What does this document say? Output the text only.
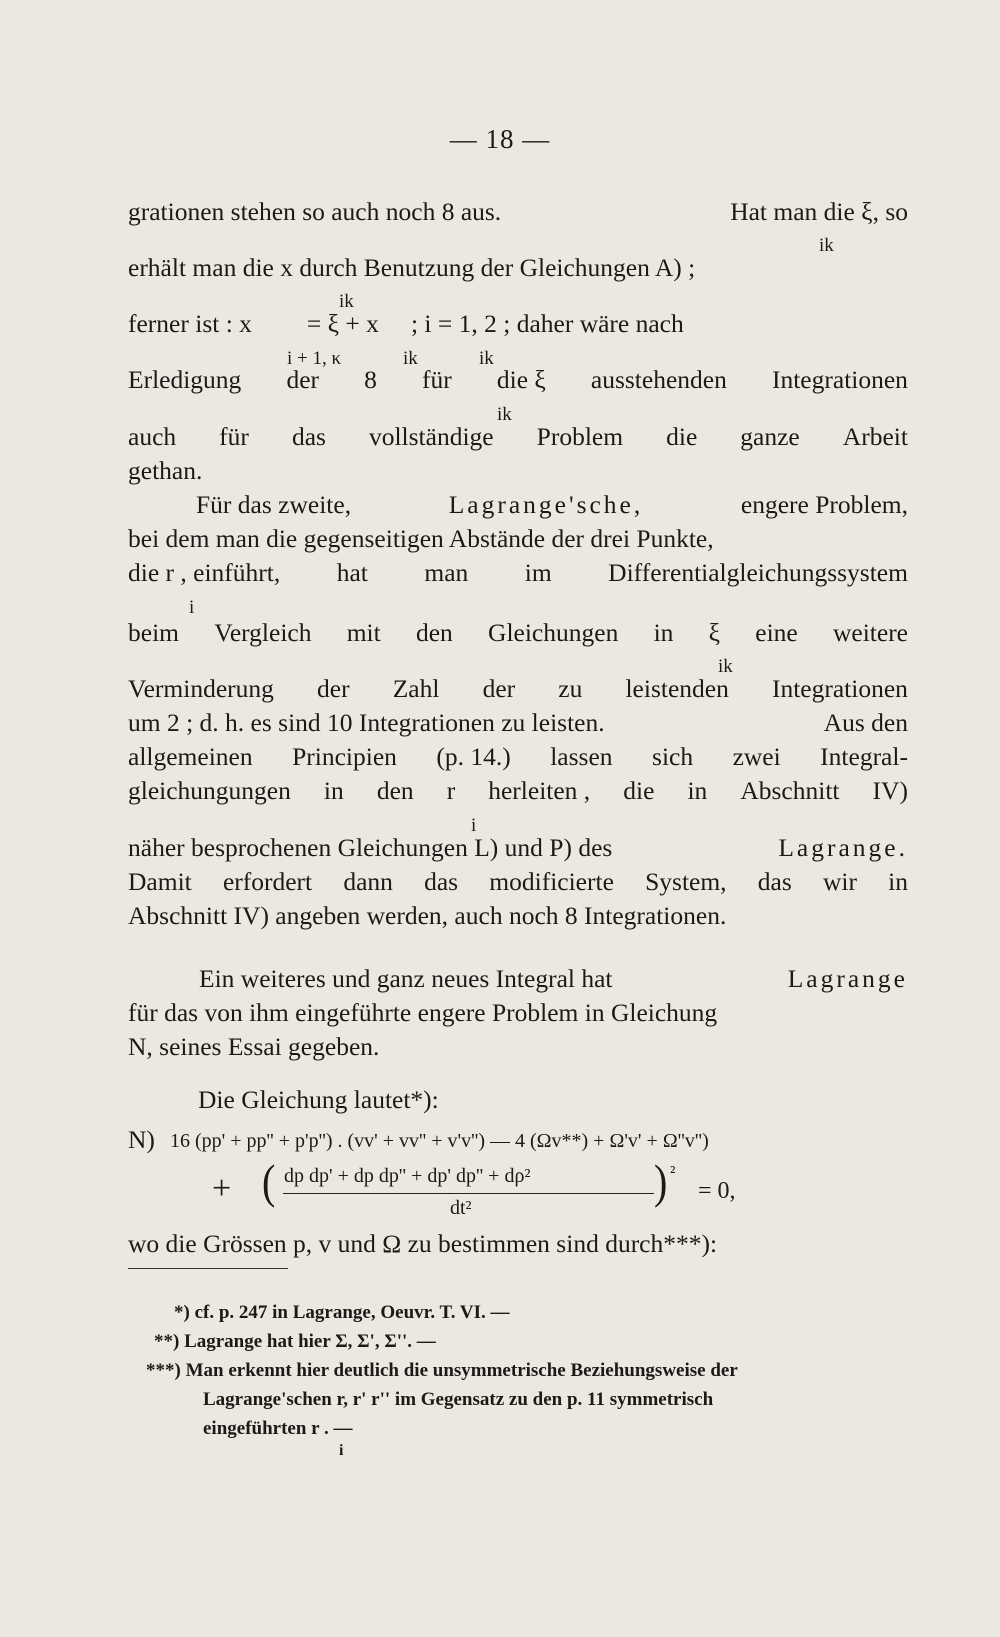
— 18 —
grationen stehen so auch noch 8 aus.	Hat man die ξ, so
ik
erhält man die x durch Benutzung der Gleichungen A) ;
ik
ferner ist : x = ξ + x ; i = 1, 2 ; daher wäre nach
i + 1, κ	ik	ik
Erledigung der 8 für die ξ ausstehenden Integrationen
ik
auch für das vollständige Problem die ganze Arbeit
gethan.
Für das zweite,	Lagrange'sche,	engere Problem,
bei dem man die gegenseitigen Abstände der drei Punkte,
die r , einführt, hat man im Differentialgleichungssystem
i
beim Vergleich mit den Gleichungen in ξ eine weitere
ik
Verminderung der Zahl der zu leistenden Integrationen
um 2 ; d. h. es sind 10 Integrationen zu leisten.	Aus den
allgemeinen Principien (p. 14.) lassen sich zwei Integral-
gleichungungen in den r herleiten , die in Abschnitt IV)
i
näher besprochenen Gleichungen L) und P) des	Lagrange.
Damit erfordert dann das modificierte System, das wir in
Abschnitt IV) angeben werden, auch noch 8 Integrationen.
Ein weiteres und ganz neues Integral hat	Lagrange
für das von ihm eingeführte engere Problem in Gleichung
N, seines Essai gegeben.
Die Gleichung lautet*):
N) 16 (pp' + pp'' + p'p'') . (vv' + vv'' + v'v'') — 4 (Ωv**) + Ω'v' + Ω''v'')
+ ( dp dp' + dp dp'' + dp' dp'' + dρ²
dt²	) ²
= 0,
wo die Grössen p, v und Ω zu bestimmen sind durch***):
*) cf. p. 247 in Lagrange, Oeuvr. T. VI. —
**) Lagrange hat hier Σ, Σ', Σ''. —
***) Man erkennt hier deutlich die unsymmetrische Beziehungsweise der
Lagrange'schen r, r' r'' im Gegensatz zu den p. 11 symmetrisch
eingeführten r . —
i
